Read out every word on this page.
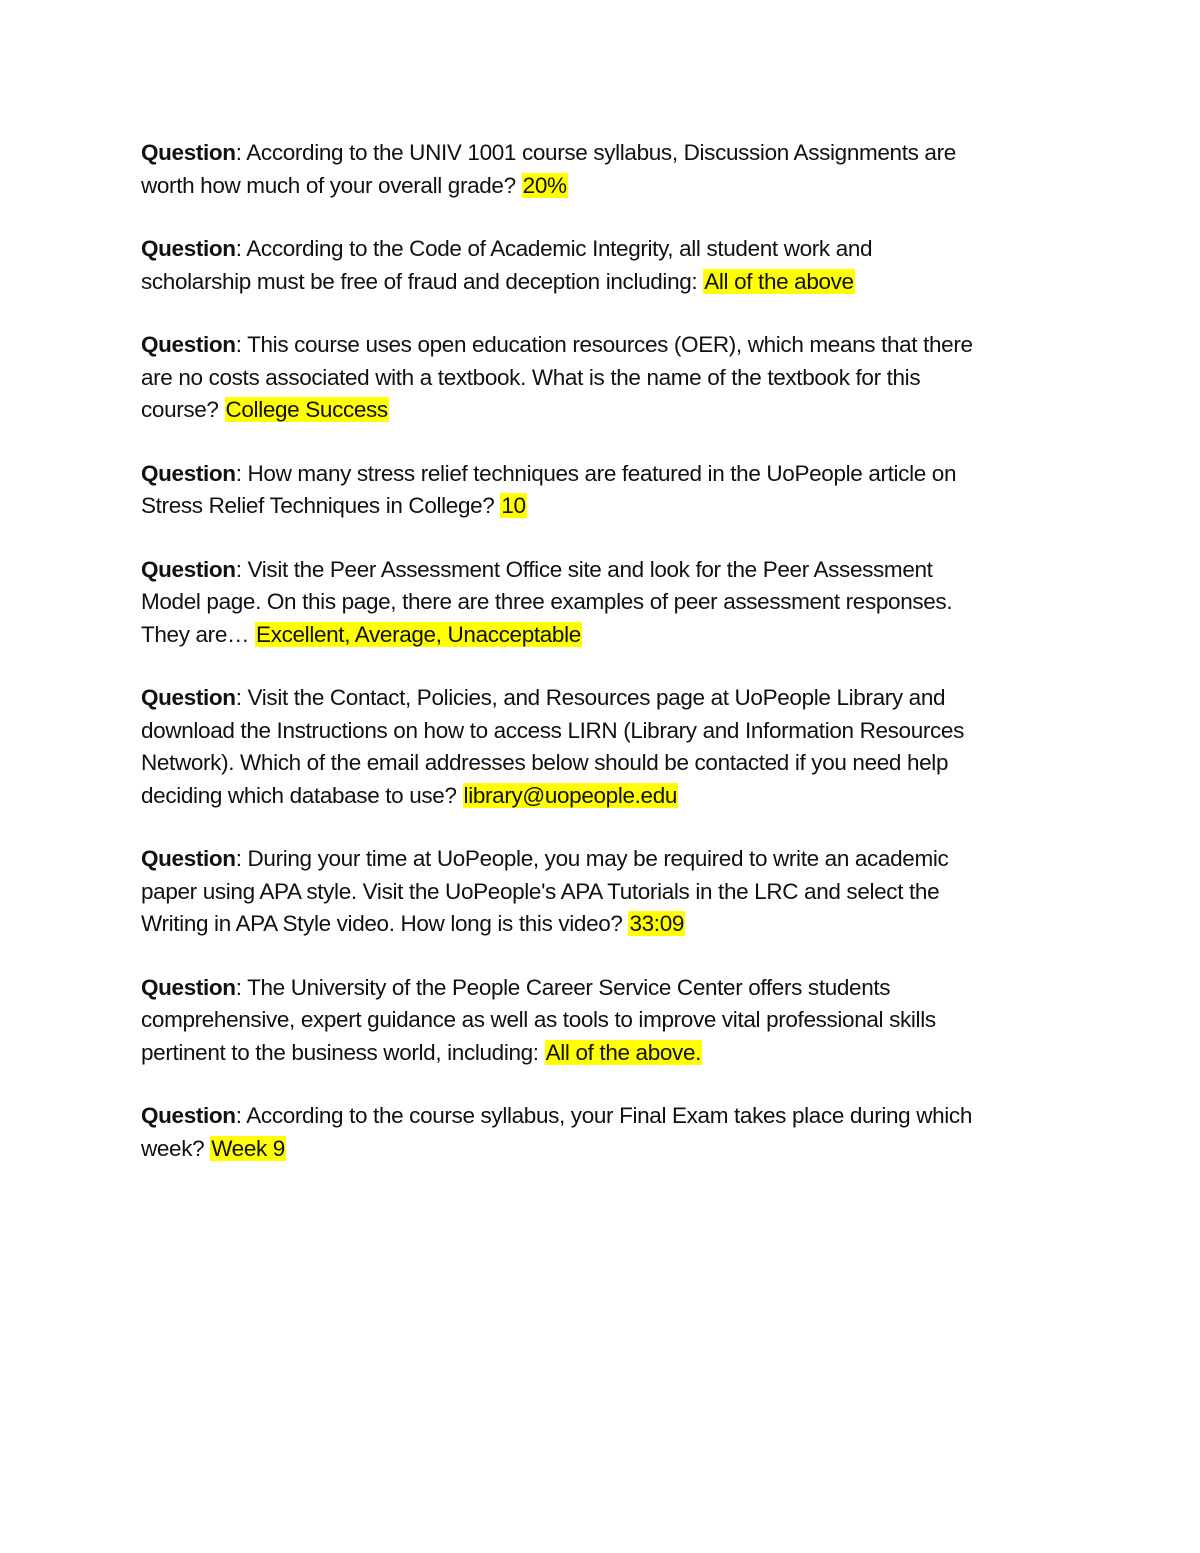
Question: According to the UNIV 1001 course syllabus, Discussion Assignments are
worth how much of your overall grade? 20%
Question: According to the Code of Academic Integrity, all student work and
scholarship must be free of fraud and deception including: All of the above
Question: This course uses open education resources (OER), which means that there
are no costs associated with a textbook. What is the name of the textbook for this
course? College Success
Question: How many stress relief techniques are featured in the UoPeople article on
Stress Relief Techniques in College? 10
Question: Visit the Peer Assessment Office site and look for the Peer Assessment
Model page. On this page, there are three examples of peer assessment responses.
They are… Excellent, Average, Unacceptable
Question: Visit the Contact, Policies, and Resources page at UoPeople Library and
download the Instructions on how to access LIRN (Library and Information Resources
Network). Which of the email addresses below should be contacted if you need help
deciding which database to use? library@uopeople.edu
Question: During your time at UoPeople, you may be required to write an academic
paper using APA style. Visit the UoPeople's APA Tutorials in the LRC and select the
Writing in APA Style video. How long is this video? 33:09
Question: The University of the People Career Service Center offers students
comprehensive, expert guidance as well as tools to improve vital professional skills
pertinent to the business world, including: All of the above.
Question: According to the course syllabus, your Final Exam takes place during which
week? Week 9
